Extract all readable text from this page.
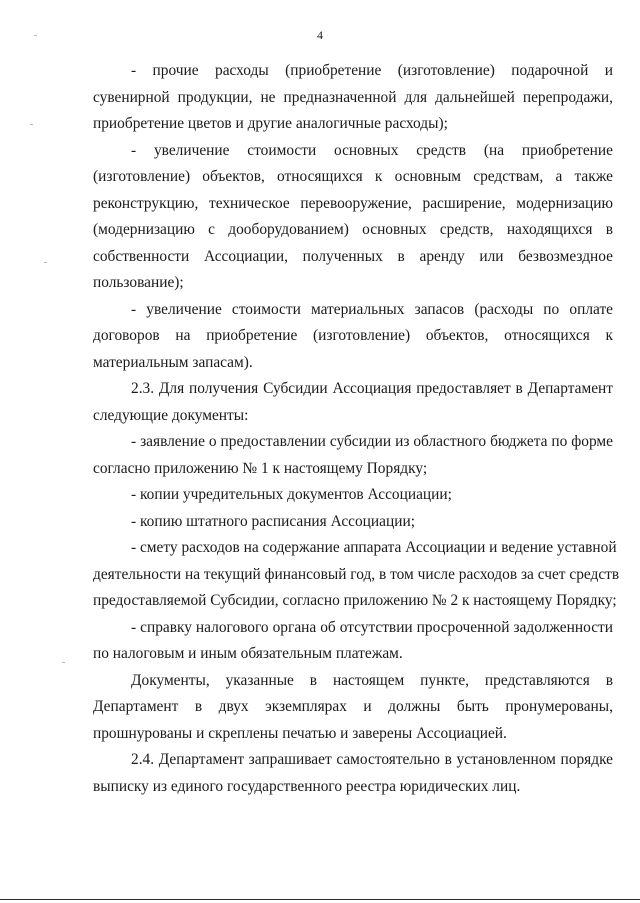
4
- прочие расходы (приобретение (изготовление) подарочной и
сувенирной продукции, не предназначенной для дальнейшей перепродажи,
приобретение цветов и другие аналогичные расходы);
- увеличение стоимости основных средств (на приобретение
(изготовление) объектов, относящихся к основным средствам, а также
реконструкцию, техническое перевооружение, расширение, модернизацию
(модернизацию с дооборудованием) основных средств, находящихся в
собственности Ассоциации, полученных в аренду или безвозмездное
пользование);
- увеличение стоимости материальных запасов (расходы по оплате
договоров на приобретение (изготовление) объектов, относящихся к
материальным запасам).
2.3. Для получения Субсидии Ассоциация предоставляет в Департамент
следующие документы:
- заявление о предоставлении субсидии из областного бюджета по форме
согласно приложению № 1 к настоящему Порядку;
- копии учредительных документов Ассоциации;
- копию штатного расписания Ассоциации;
- смету расходов на содержание аппарата Ассоциации и ведение уставной
деятельности на текущий финансовый год, в том числе расходов за счет средств
предоставляемой Субсидии, согласно приложению № 2 к настоящему Порядку;
- справку налогового органа об отсутствии просроченной задолженности
по налоговым и иным обязательным платежам.
Документы, указанные в настоящем пункте, представляются в
Департамент в двух экземплярах и должны быть пронумерованы,
прошнурованы и скреплены печатью и заверены Ассоциацией.
2.4. Департамент запрашивает самостоятельно в установленном порядке
выписку из единого государственного реестра юридических лиц.
